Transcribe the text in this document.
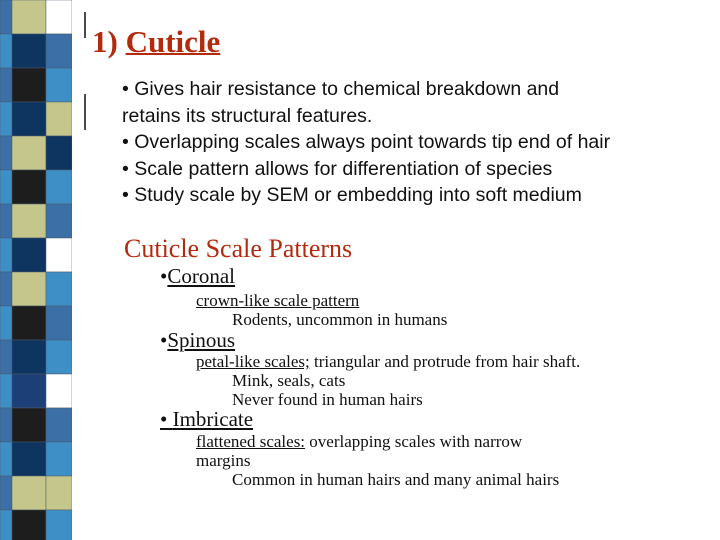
1) Cuticle
• Gives hair resistance to chemical breakdown and
retains its structural features.
• Overlapping scales always point towards tip end of hair
• Scale pattern allows for differentiation of species
• Study scale by SEM or embedding into soft medium
Cuticle Scale Patterns
•Coronal
crown-like scale pattern
Rodents, uncommon in humans
•Spinous
petal-like scales; triangular and protrude from hair shaft.
Mink, seals, cats
Never found in human hairs
• Imbricate
flattened scales: overlapping scales with narrow
margins
Common in human hairs and many animal hairs
